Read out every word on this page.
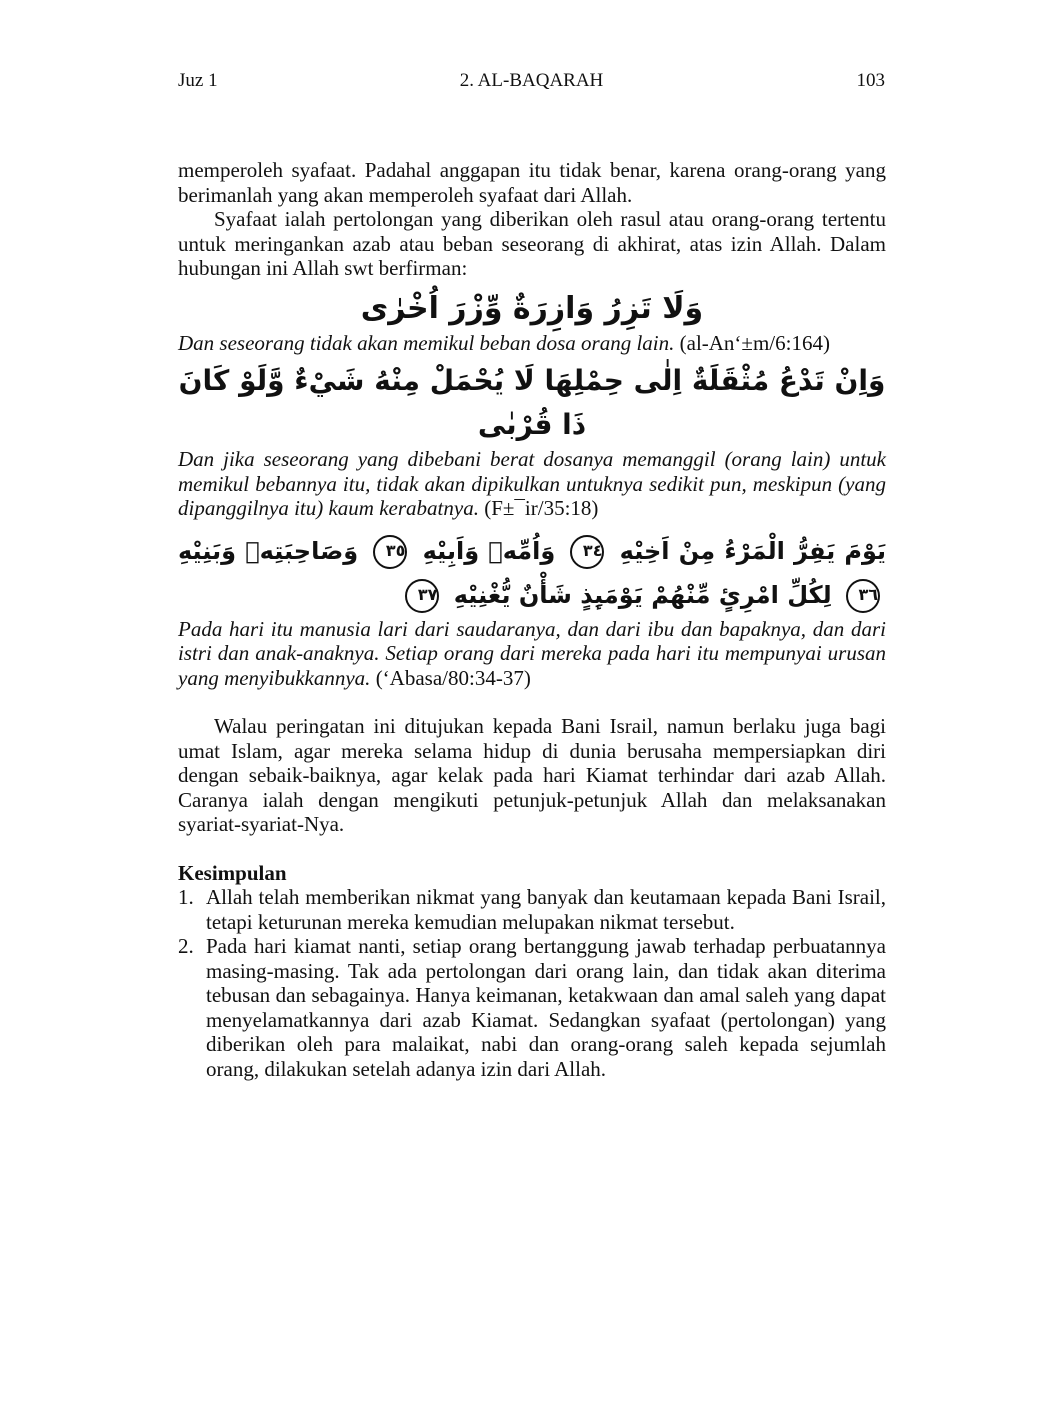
Juz 1	2. AL-BAQARAH	103

memperoleh syafaat. Padahal anggapan itu tidak benar, karena orang-orang yang berimanlah yang akan memperoleh syafaat dari Allah.

Syafaat ialah pertolongan yang diberikan oleh rasul atau orang-orang tertentu untuk meringankan azab atau beban seseorang di akhirat, atas izin Allah. Dalam hubungan ini Allah swt berfirman:

وَلَا تَزِرُ وَازِرَةٌ وِّزْرَ اُخْرٰى

Dan seseorang tidak akan memikul beban dosa orang lain. (al-An‘±m/6:164)

وَاِنْ تَدْعُ مُثْقَلَةٌ اِلٰى حِمْلِهَا لَا يُحْمَلْ مِنْهُ شَيْءٌ وَّلَوْ كَانَ ذَا قُرْبٰى

Dan jika seseorang yang dibebani berat dosanya memanggil (orang lain) untuk memikul bebannya itu, tidak akan dipikulkan untuknya sedikit pun, meskipun (yang dipanggilnya itu) kaum kerabatnya. (F±¯ir/35:18)

يَوْمَ يَفِرُّ الْمَرْءُ مِنْ اَخِيْهِ ٣٤ وَاُمِّهٖ وَاَبِيْهِ ٣٥ وَصَاحِبَتِهٖ وَبَنِيْهِ ٣٦ لِكُلِّ امْرِئٍ مِّنْهُمْ يَوْمَىِٕذٍ شَأْنٌ يُّغْنِيْهِ ٣٧

Pada hari itu manusia lari dari saudaranya, dan dari ibu dan bapaknya, dan dari istri dan anak-anaknya. Setiap orang dari mereka pada hari itu mempunyai urusan yang menyibukkannya. (‘Abasa/80:34-37)

Walau peringatan ini ditujukan kepada Bani Israil, namun berlaku juga bagi umat Islam, agar mereka selama hidup di dunia berusaha mempersiapkan diri dengan sebaik-baiknya, agar kelak pada hari Kiamat terhindar dari azab Allah. Caranya ialah dengan mengikuti petunjuk-petunjuk Allah dan melaksanakan syariat-syariat-Nya.

Kesimpulan

1. Allah telah memberikan nikmat yang banyak dan keutamaan kepada Bani Israil, tetapi keturunan mereka kemudian melupakan nikmat tersebut.
2. Pada hari kiamat nanti, setiap orang bertanggung jawab terhadap perbuatannya masing-masing. Tak ada pertolongan dari orang lain, dan tidak akan diterima tebusan dan sebagainya. Hanya keimanan, ketakwaan dan amal saleh yang dapat menyelamatkannya dari azab Kiamat. Sedangkan syafaat (pertolongan) yang diberikan oleh para malaikat, nabi dan orang-orang saleh kepada sejumlah orang, dilakukan setelah adanya izin dari Allah.
